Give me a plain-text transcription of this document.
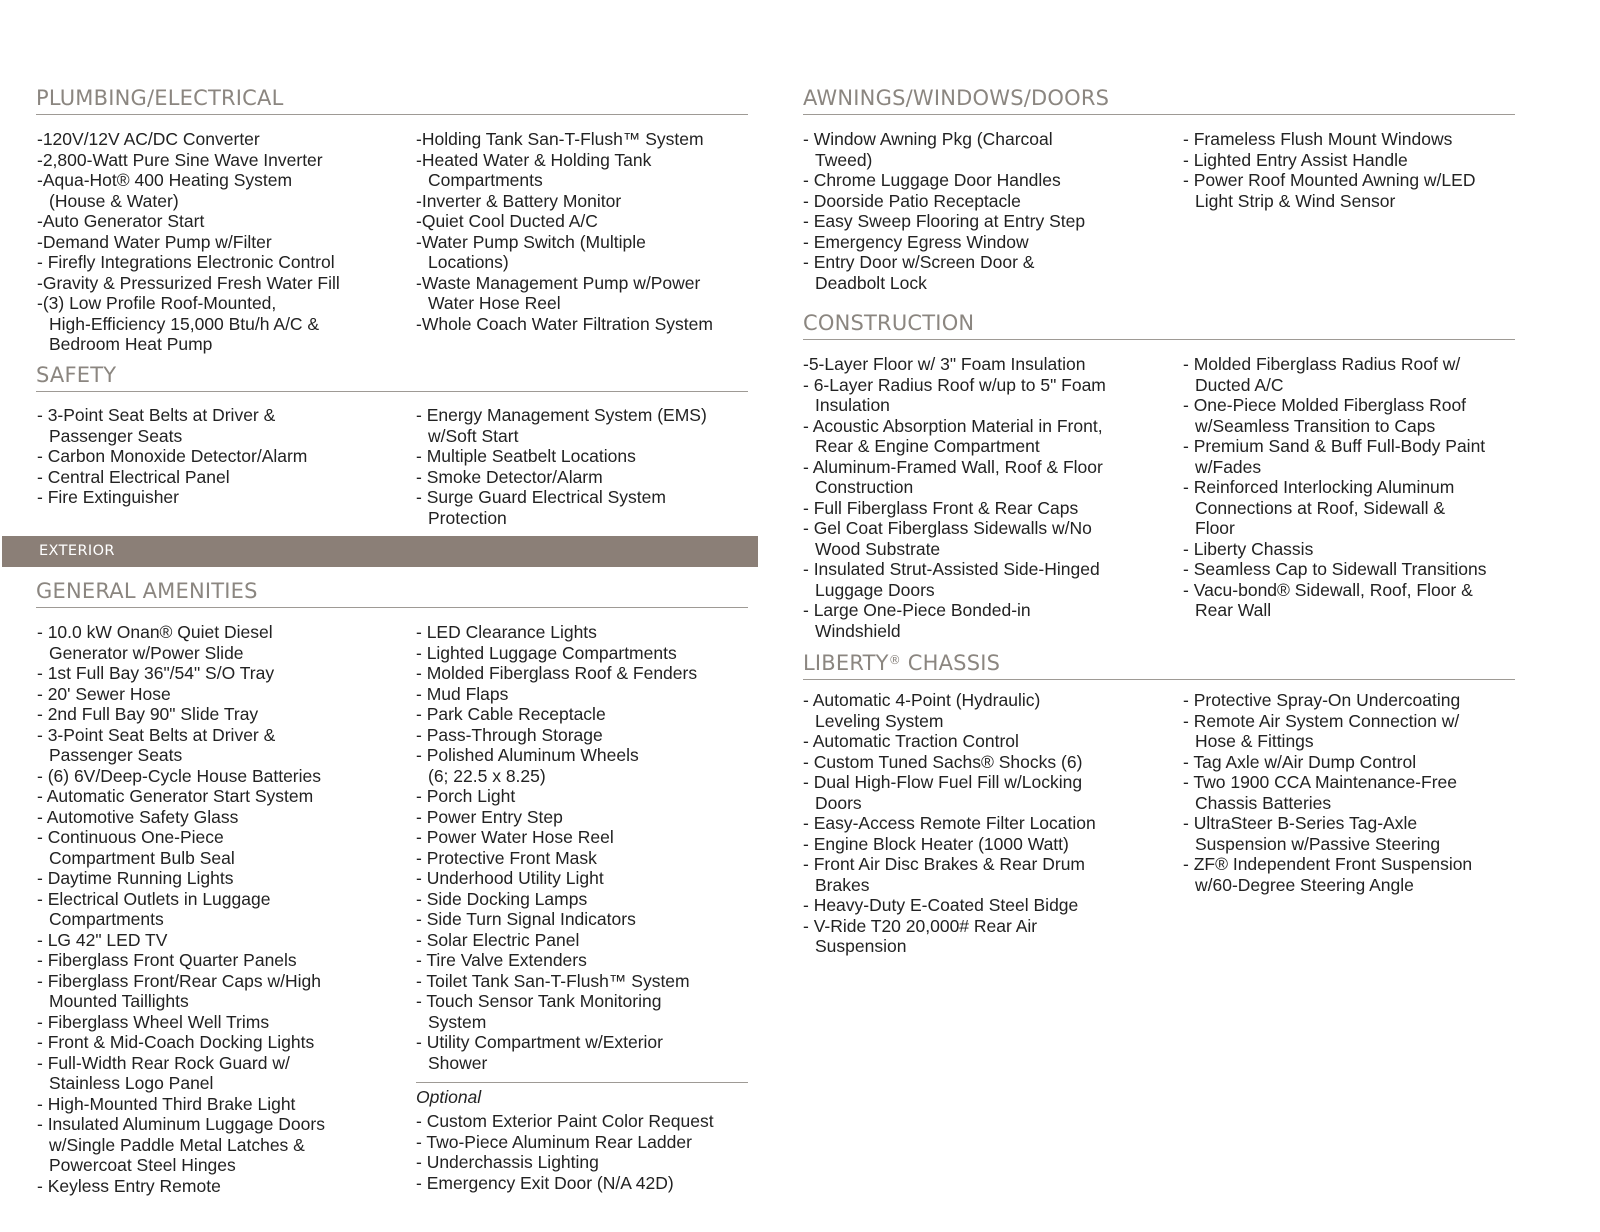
PLUMBING/ELECTRICAL
-120V/12V AC/DC Converter
-2,800-Watt Pure Sine Wave Inverter
-Aqua-Hot® 400 Heating System
(House & Water)
-Auto Generator Start
-Demand Water Pump w/Filter
- Firefly Integrations Electronic Control
-Gravity & Pressurized Fresh Water Fill
-(3) Low Profile Roof-Mounted,
High-Efficiency 15,000 Btu/h A/C &
Bedroom Heat Pump
-Holding Tank San-T-Flush™ System
-Heated Water & Holding Tank
Compartments
-Inverter & Battery Monitor
-Quiet Cool Ducted A/C
-Water Pump Switch (Multiple
Locations)
-Waste Management Pump w/Power
Water Hose Reel
-Whole Coach Water Filtration System
SAFETY
- 3-Point Seat Belts at Driver &
Passenger Seats
- Carbon Monoxide Detector/Alarm
- Central Electrical Panel
- Fire Extinguisher
- Energy Management System (EMS)
w/Soft Start
- Multiple Seatbelt Locations
- Smoke Detector/Alarm
- Surge Guard Electrical System
Protection
EXTERIOR
GENERAL AMENITIES
- 10.0 kW Onan® Quiet Diesel
Generator w/Power Slide
- 1st Full Bay 36"/54" S/O Tray
- 20' Sewer Hose
- 2nd Full Bay 90" Slide Tray
- 3-Point Seat Belts at Driver &
Passenger Seats
- (6) 6V/Deep-Cycle House Batteries
- Automatic Generator Start System
- Automotive Safety Glass
- Continuous One-Piece
Compartment Bulb Seal
- Daytime Running Lights
- Electrical Outlets in Luggage
Compartments
- LG 42" LED TV
- Fiberglass Front Quarter Panels
- Fiberglass Front/Rear Caps w/High
Mounted Taillights
- Fiberglass Wheel Well Trims
- Front & Mid-Coach Docking Lights
- Full-Width Rear Rock Guard w/
Stainless Logo Panel
- High-Mounted Third Brake Light
- Insulated Aluminum Luggage Doors
w/Single Paddle Metal Latches &
Powercoat Steel Hinges
- Keyless Entry Remote
- LED Clearance Lights
- Lighted Luggage Compartments
- Molded Fiberglass Roof & Fenders
- Mud Flaps
- Park Cable Receptacle
- Pass-Through Storage
- Polished Aluminum Wheels
(6; 22.5 x 8.25)
- Porch Light
- Power Entry Step
- Power Water Hose Reel
- Protective Front Mask
- Underhood Utility Light
- Side Docking Lamps
- Side Turn Signal Indicators
- Solar Electric Panel
- Tire Valve Extenders
- Toilet Tank San-T-Flush™ System
- Touch Sensor Tank Monitoring
System
- Utility Compartment w/Exterior
Shower
Optional
- Custom Exterior Paint Color Request
- Two-Piece Aluminum Rear Ladder
- Underchassis Lighting
- Emergency Exit Door (N/A 42D)
AWNINGS/WINDOWS/DOORS
- Window Awning Pkg (Charcoal
Tweed)
- Chrome Luggage Door Handles
- Doorside Patio Receptacle
- Easy Sweep Flooring at Entry Step
- Emergency Egress Window
- Entry Door w/Screen Door &
Deadbolt Lock
- Frameless Flush Mount Windows
- Lighted Entry Assist Handle
- Power Roof Mounted Awning w/LED
Light Strip & Wind Sensor
CONSTRUCTION
-5-Layer Floor w/ 3" Foam Insulation
- 6-Layer Radius Roof w/up to 5" Foam
Insulation
- Acoustic Absorption Material in Front,
Rear & Engine Compartment
- Aluminum-Framed Wall, Roof & Floor
Construction
- Full Fiberglass Front & Rear Caps
- Gel Coat Fiberglass Sidewalls w/No
Wood Substrate
- Insulated Strut-Assisted Side-Hinged
Luggage Doors
- Large One-Piece Bonded-in
Windshield
- Molded Fiberglass Radius Roof w/
Ducted A/C
- One-Piece Molded Fiberglass Roof
w/Seamless Transition to Caps
- Premium Sand & Buff Full-Body Paint
w/Fades
- Reinforced Interlocking Aluminum
Connections at Roof, Sidewall &
Floor
- Liberty Chassis
- Seamless Cap to Sidewall Transitions
- Vacu-bond® Sidewall, Roof, Floor &
Rear Wall
LIBERTY® CHASSIS
- Automatic 4-Point (Hydraulic)
Leveling System
- Automatic Traction Control
- Custom Tuned Sachs® Shocks (6)
- Dual High-Flow Fuel Fill w/Locking
Doors
- Easy-Access Remote Filter Location
- Engine Block Heater (1000 Watt)
- Front Air Disc Brakes & Rear Drum
Brakes
- Heavy-Duty E-Coated Steel Bidge
- V-Ride T20 20,000# Rear Air
Suspension
- Protective Spray-On Undercoating
- Remote Air System Connection w/
Hose & Fittings
- Tag Axle w/Air Dump Control
- Two 1900 CCA Maintenance-Free
Chassis Batteries
- UltraSteer B-Series Tag-Axle
Suspension w/Passive Steering
- ZF® Independent Front Suspension
w/60-Degree Steering Angle
